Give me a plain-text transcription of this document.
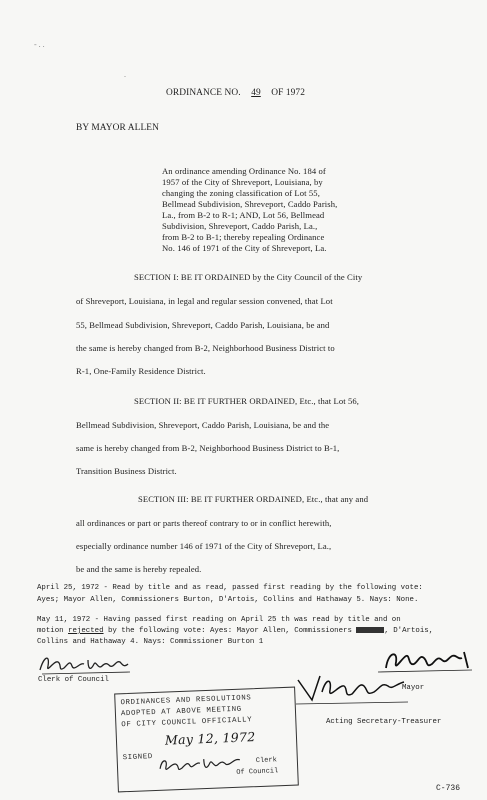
- . .
.
ORDINANCE NO. 49 OF 1972
BY MAYOR ALLEN
An ordinance amending Ordinance No. 184 of
1957 of the City of Shreveport, Louisiana, by
changing the zoning classification of Lot 55,
Bellmead Subdivision, Shreveport, Caddo Parish,
La., from B-2 to R-1; AND, Lot 56, Bellmead
Subdivision, Shreveport, Caddo Parish, La.,
from B-2 to B-1; thereby repealing Ordinance
No. 146 of 1971 of the City of Shreveport, La.
SECTION I: BE IT ORDAINED by the City Council of the City
of Shreveport, Louisiana, in legal and regular session convened, that Lot
55, Bellmead Subdivision, Shreveport, Caddo Parish, Louisiana, be and
the same is hereby changed from B-2, Neighborhood Business District to
R-1, One-Family Residence District.
SECTION II: BE IT FURTHER ORDAINED, Etc., that Lot 56,
Bellmead Subdivision, Shreveport, Caddo Parish, Louisiana, be and the
same is hereby changed from B-2, Neighborhood Business District to B-1,
Transition Business District.
SECTION III: BE IT FURTHER ORDAINED, Etc., that any and
all ordinances or part or parts thereof contrary to or in conflict herewith,
especially ordinance number 146 of 1971 of the City of Shreveport, La.,
be and the same is hereby repealed.
April 25, 1972 - Read by title and as read, passed first reading by the following vote:
Ayes; Mayor Allen, Commissioners Burton, D'Artois, Collins and Hathaway 5. Nays: None.
May 11, 1972 - Having passed first reading on April 25 th was read by title and on
motion rejected by the following vote: Ayes: Mayor Allen, Commissioners	, D'Artois,
Collins and Hathaway 4. Nays: Commissioner Burton 1
Clerk of Council
Mayor
Acting Secretary-Treasurer
ORDINANCES AND RESOLUTIONS
ADOPTED AT ABOVE MEETING
OF CITY COUNCIL OFFICIALLY
SIGNED
May 12, 1972
Clerk
Of Council
C-736
